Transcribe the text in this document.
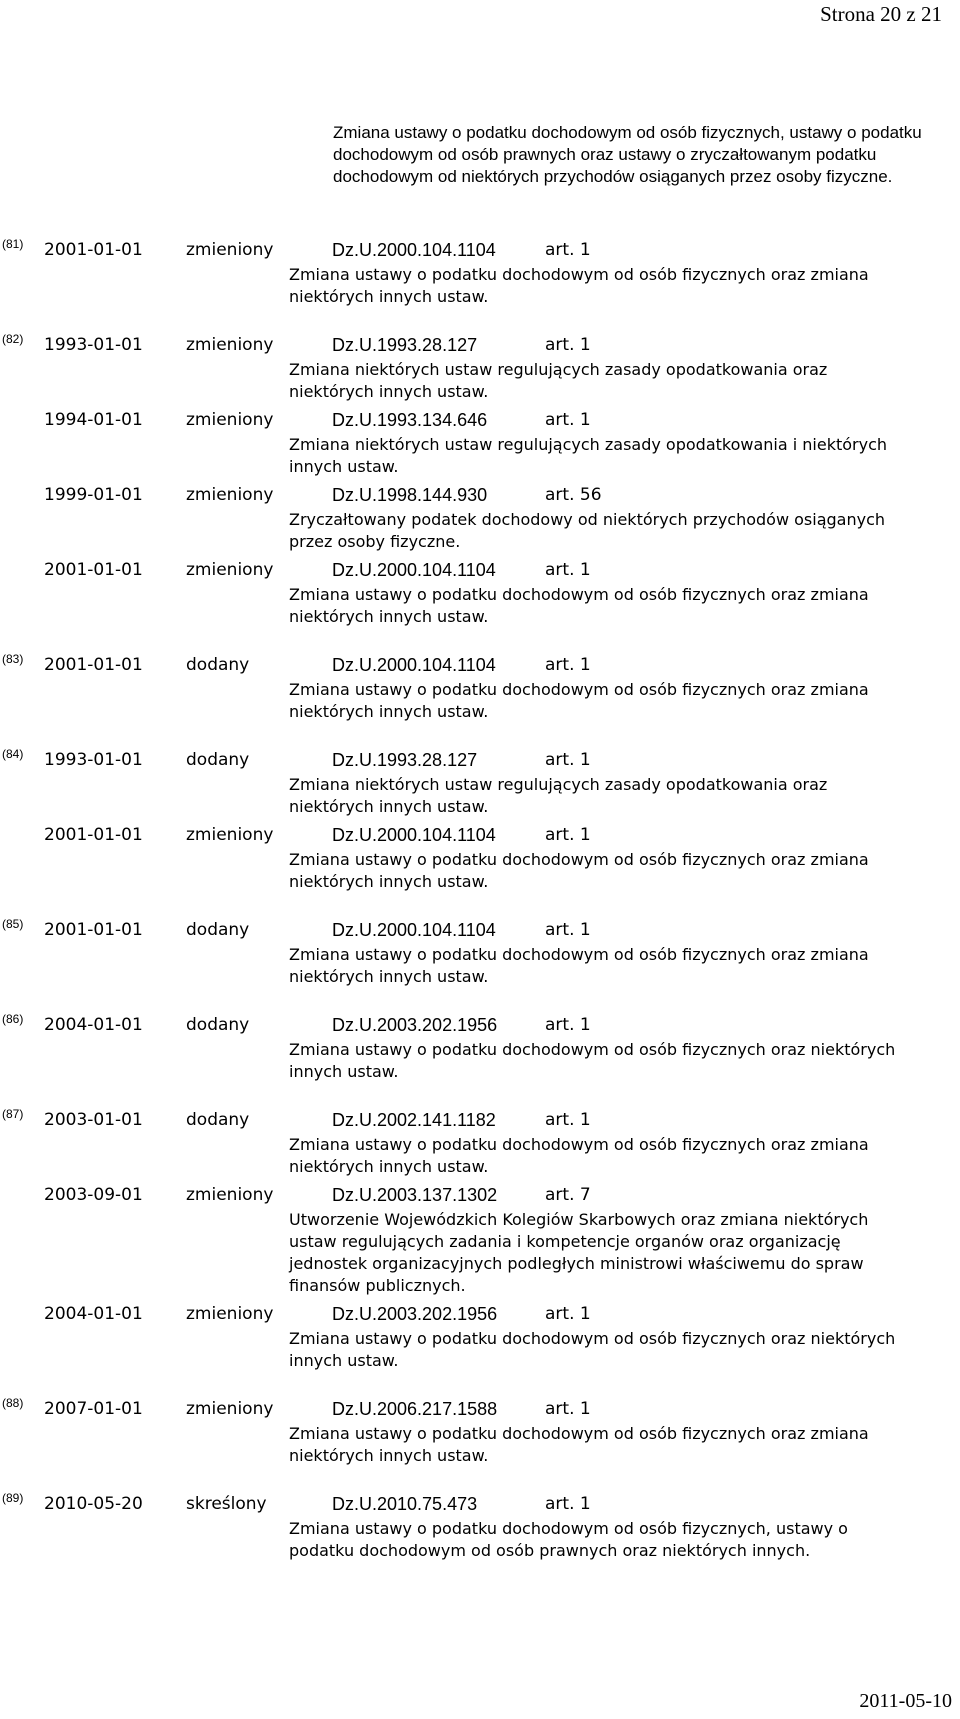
Strona 20 z 21
Zmiana ustawy o podatku dochodowym od osób fizycznych, ustawy o podatku dochodowym od osób prawnych oraz ustawy o zryczałtowanym podatku dochodowym od niektórych przychodów osiąganych przez osoby fizyczne.
(81) 2001-01-01	zmieniony	Dz.U.2000.104.1104	art. 1
Zmiana ustawy o podatku dochodowym od osób fizycznych oraz zmiana niektórych innych ustaw.
(82) 1993-01-01	zmieniony	Dz.U.1993.28.127	art. 1
Zmiana niektórych ustaw regulujących zasady opodatkowania oraz niektórych innych ustaw.
1994-01-01	zmieniony	Dz.U.1993.134.646	art. 1
Zmiana niektórych ustaw regulujących zasady opodatkowania i niektórych innych ustaw.
1999-01-01	zmieniony	Dz.U.1998.144.930	art. 56
Zryczałtowany podatek dochodowy od niektórych przychodów osiąganych przez osoby fizyczne.
2001-01-01	zmieniony	Dz.U.2000.104.1104	art. 1
Zmiana ustawy o podatku dochodowym od osób fizycznych oraz zmiana niektórych innych ustaw.
(83) 2001-01-01	dodany	Dz.U.2000.104.1104	art. 1
Zmiana ustawy o podatku dochodowym od osób fizycznych oraz zmiana niektórych innych ustaw.
(84) 1993-01-01	dodany	Dz.U.1993.28.127	art. 1
Zmiana niektórych ustaw regulujących zasady opodatkowania oraz niektórych innych ustaw.
2001-01-01	zmieniony	Dz.U.2000.104.1104	art. 1
Zmiana ustawy o podatku dochodowym od osób fizycznych oraz zmiana niektórych innych ustaw.
(85) 2001-01-01	dodany	Dz.U.2000.104.1104	art. 1
Zmiana ustawy o podatku dochodowym od osób fizycznych oraz zmiana niektórych innych ustaw.
(86) 2004-01-01	dodany	Dz.U.2003.202.1956	art. 1
Zmiana ustawy o podatku dochodowym od osób fizycznych oraz niektórych innych ustaw.
(87) 2003-01-01	dodany	Dz.U.2002.141.1182	art. 1
Zmiana ustawy o podatku dochodowym od osób fizycznych oraz zmiana niektórych innych ustaw.
2003-09-01	zmieniony	Dz.U.2003.137.1302	art. 7
Utworzenie Wojewódzkich Kolegiów Skarbowych oraz zmiana niektórych ustaw regulujących zadania i kompetencje organów oraz organizację jednostek organizacyjnych podległych ministrowi właściwemu do spraw finansów publicznych.
2004-01-01	zmieniony	Dz.U.2003.202.1956	art. 1
Zmiana ustawy o podatku dochodowym od osób fizycznych oraz niektórych innych ustaw.
(88) 2007-01-01	zmieniony	Dz.U.2006.217.1588	art. 1
Zmiana ustawy o podatku dochodowym od osób fizycznych oraz zmiana niektórych innych ustaw.
(89) 2010-05-20	skreślony	Dz.U.2010.75.473	art. 1
Zmiana ustawy o podatku dochodowym od osób fizycznych, ustawy o podatku dochodowym od osób prawnych oraz niektórych innych.
2011-05-10
